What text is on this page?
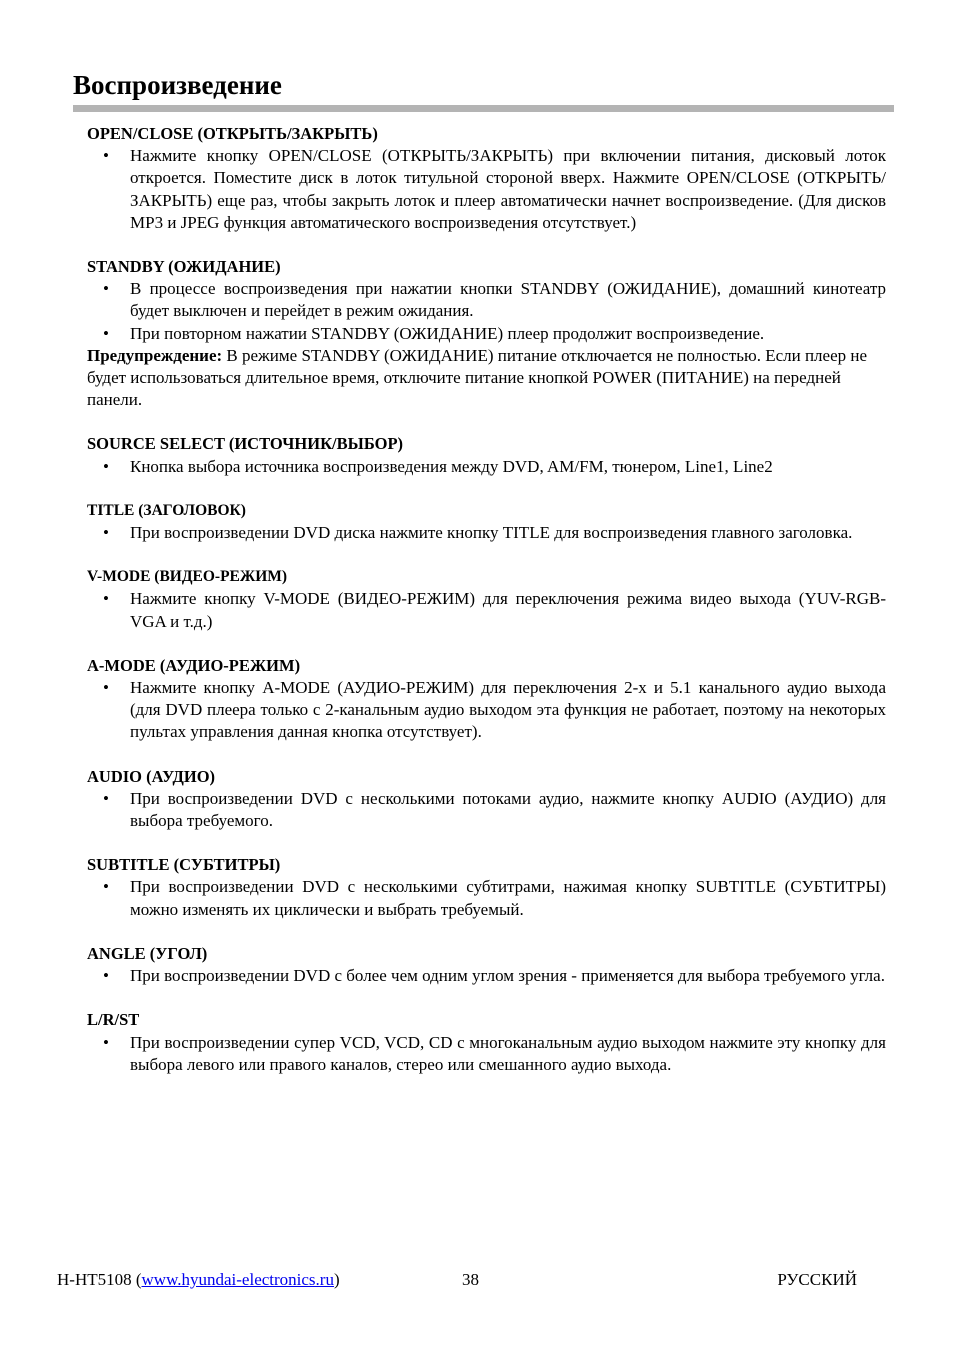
Воспроизведение

OPEN/CLOSE (ОТКРЫТЬ/ЗАКРЫТЬ)

• Нажмите кнопку OPEN/CLOSE (ОТКРЫТЬ/ЗАКРЫТЬ) при включении питания, дисковый лоток откроется. Поместите диск в лоток титульной стороной вверх. Нажмите OPEN/CLOSE (ОТКРЫТЬ/ЗАКРЫТЬ) еще раз, чтобы закрыть лоток и плеер автоматически начнет воспроизведение. (Для дисков MP3 и JPEG функция автоматического воспроизведения отсутствует.)

STANDBY (ОЖИДАНИЕ)

• В процессе воспроизведения при нажатии кнопки STANDBY (ОЖИДАНИЕ), домашний кинотеатр будет выключен и перейдет в режим ожидания.
• При повторном нажатии STANDBY (ОЖИДАНИЕ) плеер продолжит воспроизведение.

Предупреждение: В режиме STANDBY (ОЖИДАНИЕ) питание отключается не полностью. Если плеер не будет использоваться длительное время, отключите питание кнопкой POWER (ПИТАНИЕ) на передней панели.

SOURCE SELECT (ИСТОЧНИК/ВЫБОР)

• Кнопка выбора источника воспроизведения между DVD, AM/FM, тюнером, Line1, Line2

TITLE (ЗАГОЛОВОК)

• При воспроизведении DVD диска нажмите кнопку TITLE для воспроизведения главного заголовка.

V-MODE (ВИДЕО-РЕЖИМ)

• Нажмите кнопку V-MODE (ВИДЕО-РЕЖИМ) для переключения режима видео выхода (YUV-RGB-VGA и т.д.)

A-MODE (АУДИО-РЕЖИМ)

• Нажмите кнопку A-MODE (АУДИО-РЕЖИМ) для переключения 2-х и 5.1 канального аудио выхода (для DVD плеера только с 2-канальным аудио выходом эта функция не работает, поэтому на некоторых пультах управления данная кнопка отсутствует).

AUDIO (АУДИО)

• При воспроизведении DVD с несколькими потоками аудио, нажмите кнопку AUDIO (АУДИО) для выбора требуемого.

SUBTITLE (СУБТИТРЫ)

• При воспроизведении DVD с несколькими субтитрами, нажимая кнопку SUBTITLE (СУБТИТРЫ) можно изменять их циклически и выбрать требуемый.

ANGLE (УГОЛ)

• При воспроизведении DVD с более чем одним углом зрения - применяется для выбора требуемого угла.

L/R/ST

• При воспроизведении супер VCD, VCD, CD с многоканальным аудио выходом нажмите эту кнопку для выбора левого или правого каналов, стерео или смешанного аудио выхода.
H-HT5108 (www.hyundai-electronics.ru)	38	РУССКИЙ
